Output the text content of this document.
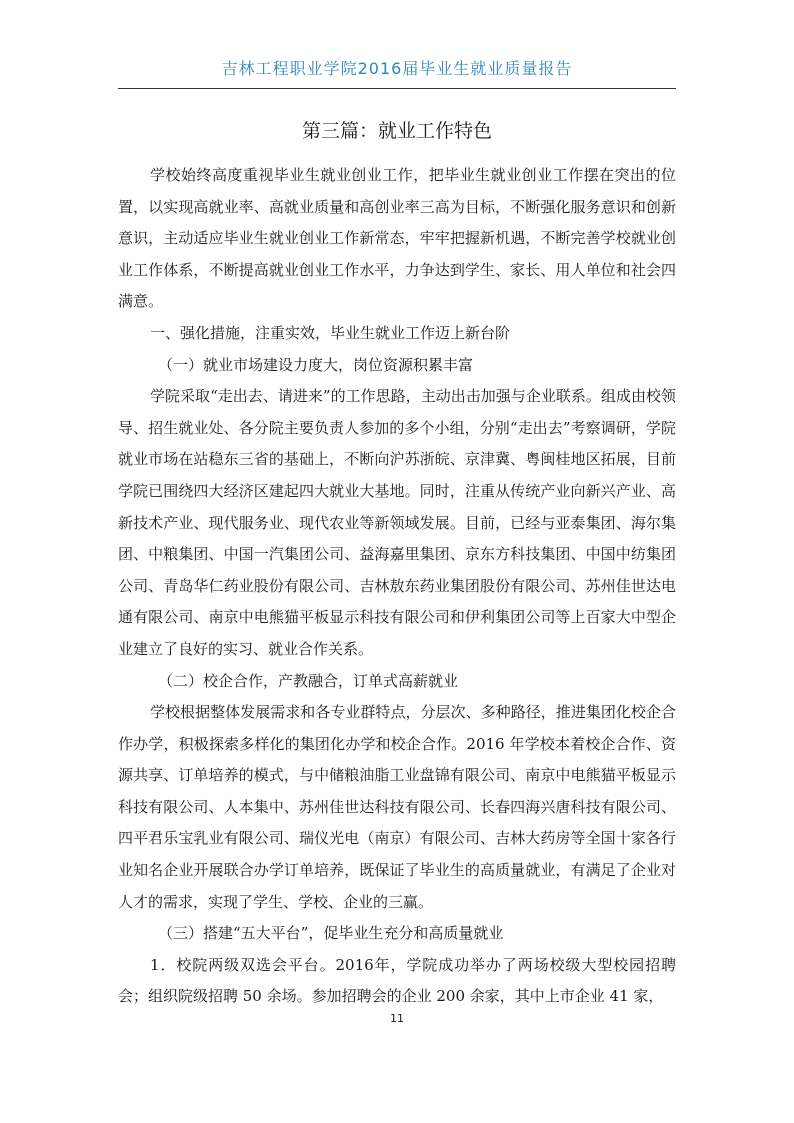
吉林工程职业学院2016届毕业生就业质量报告
第三篇：就业工作特色

学校始终高度重视毕业生就业创业工作，把毕业生就业创业工作摆在突出的位置，以实现高就业率、高就业质量和高创业率三高为目标，不断强化服务意识和创新意识，主动适应毕业生就业创业工作新常态，牢牢把握新机遇，不断完善学校就业创业工作体系，不断提高就业创业工作水平，力争达到学生、家长、用人单位和社会四满意。

一、强化措施，注重实效，毕业生就业工作迈上新台阶

（一）就业市场建设力度大，岗位资源积累丰富

学院采取“走出去、请进来”的工作思路，主动出击加强与企业联系。组成由校领导、招生就业处、各分院主要负责人参加的多个小组，分别“走出去”考察调研，学院就业市场在站稳东三省的基础上，不断向沪苏浙皖、京津冀、粤闽桂地区拓展，目前学院已围绕四大经济区建起四大就业大基地。同时，注重从传统产业向新兴产业、高新技术产业、现代服务业、现代农业等新领域发展。目前，已经与亚泰集团、海尔集团、中粮集团、中国一汽集团公司、益海嘉里集团、京东方科技集团、中国中纺集团公司、青岛华仁药业股份有限公司、吉林敖东药业集团股份有限公司、苏州佳世达电通有限公司、南京中电熊猫平板显示科技有限公司和伊利集团公司等上百家大中型企业建立了良好的实习、就业合作关系。

（二）校企合作，产教融合，订单式高薪就业

学校根据整体发展需求和各专业群特点，分层次、多种路径，推进集团化校企合作办学，积极探索多样化的集团化办学和校企合作。2016 年学校本着校企合作、资源共享、订单培养的模式，与中储粮油脂工业盘锦有限公司、南京中电熊猫平板显示科技有限公司、人本集中、苏州佳世达科技有限公司、长春四海兴唐科技有限公司、四平君乐宝乳业有限公司、瑞仪光电（南京）有限公司、吉林大药房等全国十家各行业知名企业开展联合办学订单培养，既保证了毕业生的高质量就业，有满足了企业对人才的需求，实现了学生、学校、企业的三赢。

（三）搭建“五大平台”，促毕业生充分和高质量就业

1．校院两级双选会平台。2016年，学院成功举办了两场校级大型校园招聘会；组织院级招聘 50 余场。参加招聘会的企业 200 余家，其中上市企业 41 家，

11
